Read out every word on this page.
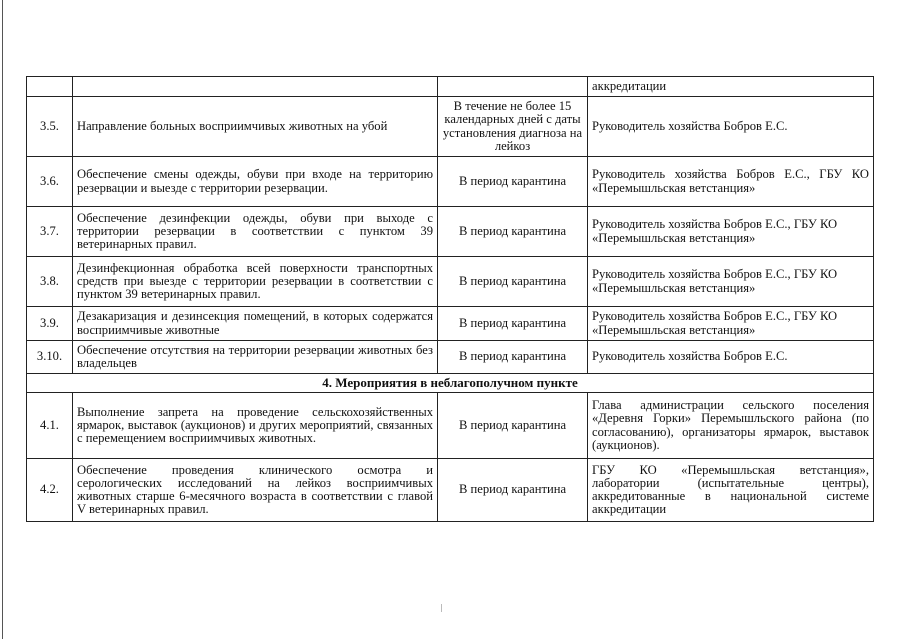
			аккредитации
3.5.	Направление больных восприимчивых животных на убой	В течение не более 15 календарных дней с даты установления диагноза на лейкоз	Руководитель хозяйства Бобров Е.С.
3.6.	Обеспечение смены одежды, обуви при входе на территорию резервации и выезде с территории резервации.	В период карантина	Руководитель хозяйства Бобров Е.С., ГБУ КО «Перемышльская ветстанция»
3.7.	Обеспечение дезинфекции одежды, обуви при выходе с территории резервации в соответствии с пунктом 39 ветеринарных правил.	В период карантина	Руководитель хозяйства Бобров Е.С., ГБУ КО «Перемышльская ветстанция»
3.8.	Дезинфекционная обработка всей поверхности транспортных средств при выезде с территории резервации в соответствии с пунктом 39 ветеринарных правил.	В период карантина	Руководитель хозяйства Бобров Е.С., ГБУ КО «Перемышльская ветстанция»
3.9.	Дезакаризация и дезинсекция помещений, в которых содержатся восприимчивые животные	В период карантина	Руководитель хозяйства Бобров Е.С., ГБУ КО «Перемышльская ветстанция»
3.10.	Обеспечение отсутствия на территории резервации животных без владельцев	В период карантина	Руководитель хозяйства Бобров Е.С.
4. Мероприятия в неблагополучном пункте			
4.1.	Выполнение запрета на проведение сельскохозяйственных ярмарок, выставок (аукционов) и других мероприятий, связанных с перемещением восприимчивых животных.	В период карантина	Глава администрации сельского поселения «Деревня Горки» Перемышльского района (по согласованию), организаторы ярмарок, выставок (аукционов).
4.2.	Обеспечение проведения клинического осмотра и серологических исследований на лейкоз восприимчивых животных старше 6-месячного возраста в соответствии с главой V ветеринарных правил.	В период карантина	ГБУ КО «Перемышльская ветстанция», лаборатории (испытательные центры), аккредитованные в национальной системе аккредитации
